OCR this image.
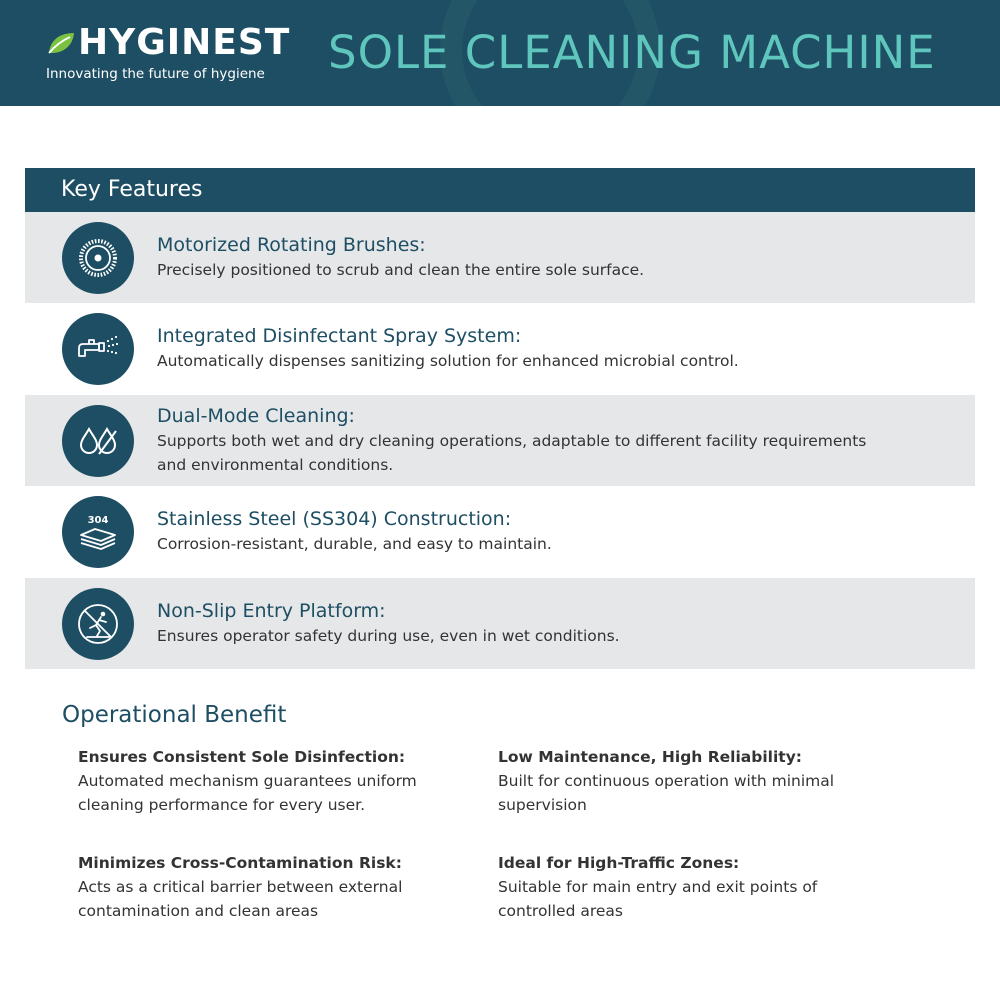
HYGINEST
Innovating the future of hygiene	SOLE CLEANING MACHINE
Key Features
Motorized Rotating Brushes:
Precisely positioned to scrub and clean the entire sole surface.
Integrated Disinfectant Spray System:
Automatically dispenses sanitizing solution for enhanced microbial control.
Dual-Mode Cleaning:
Supports both wet and dry cleaning operations, adaptable to different facility requirements
and environmental conditions.
304	Stainless Steel (SS304) Construction:
Corrosion-resistant, durable, and easy to maintain.
Non-Slip Entry Platform:
Ensures operator safety during use, even in wet conditions.
Operational Benefit
Ensures Consistent Sole Disinfection:
Automated mechanism guarantees uniform
cleaning performance for every user.
Low Maintenance, High Reliability:
Built for continuous operation with minimal
supervision
Minimizes Cross-Contamination Risk:
Acts as a critical barrier between external
contamination and clean areas
Ideal for High-Traffic Zones:
Suitable for main entry and exit points of
controlled areas
